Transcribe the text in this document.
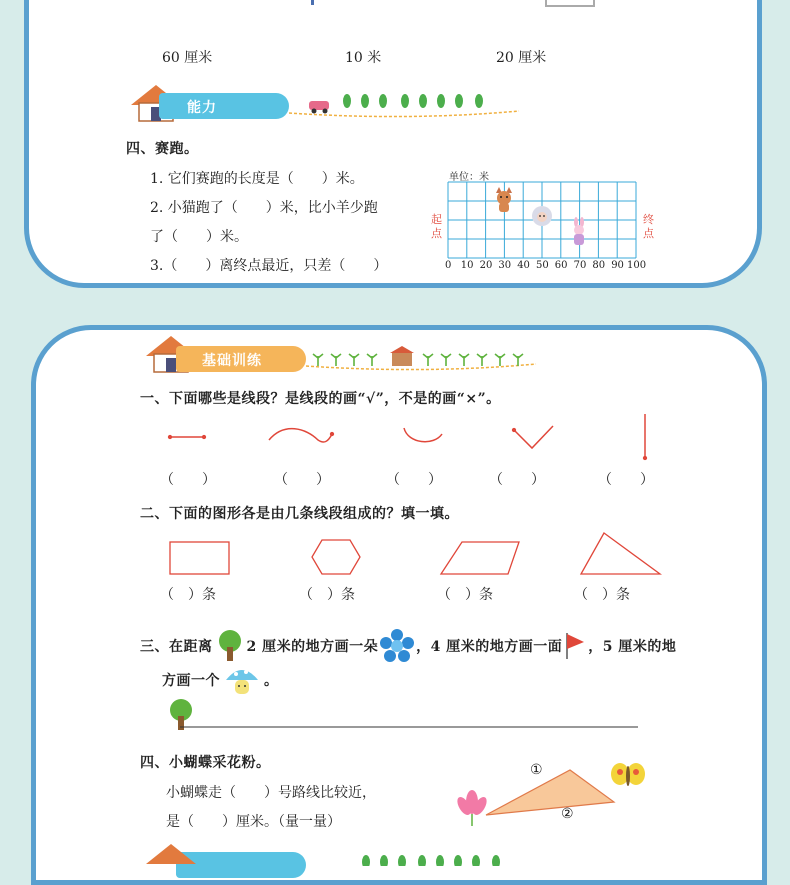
60 厘米	10 米	20 厘米
能力
四、赛跑。
1. 它们赛跑的长度是（　　）米。
2. 小猫跑了（　　）米，比小羊少跑
了（　　）米。
3.（　　）离终点最近，只差（　　）
单位：米
起
点
终
点
0 10 20 30 40 50 60 70 80 90 100
基础训练
一、下面哪些是线段？是线段的画“√”，不是的画“×”。
（　　）	（　　）	（　　）	（　　）	（　　）
二、下面的图形各是由几条线段组成的？填一填。
（　）条	（　）条	（　）条	（　）条
三、在距离 2 厘米的地方画一朵	，4 厘米的地方画一面 ，5 厘米的地
方画一个	。
四、小蝴蝶采花粉。
小蝴蝶走（　　）号路线比较近，
是（　　）厘米。（量一量）
①
②
